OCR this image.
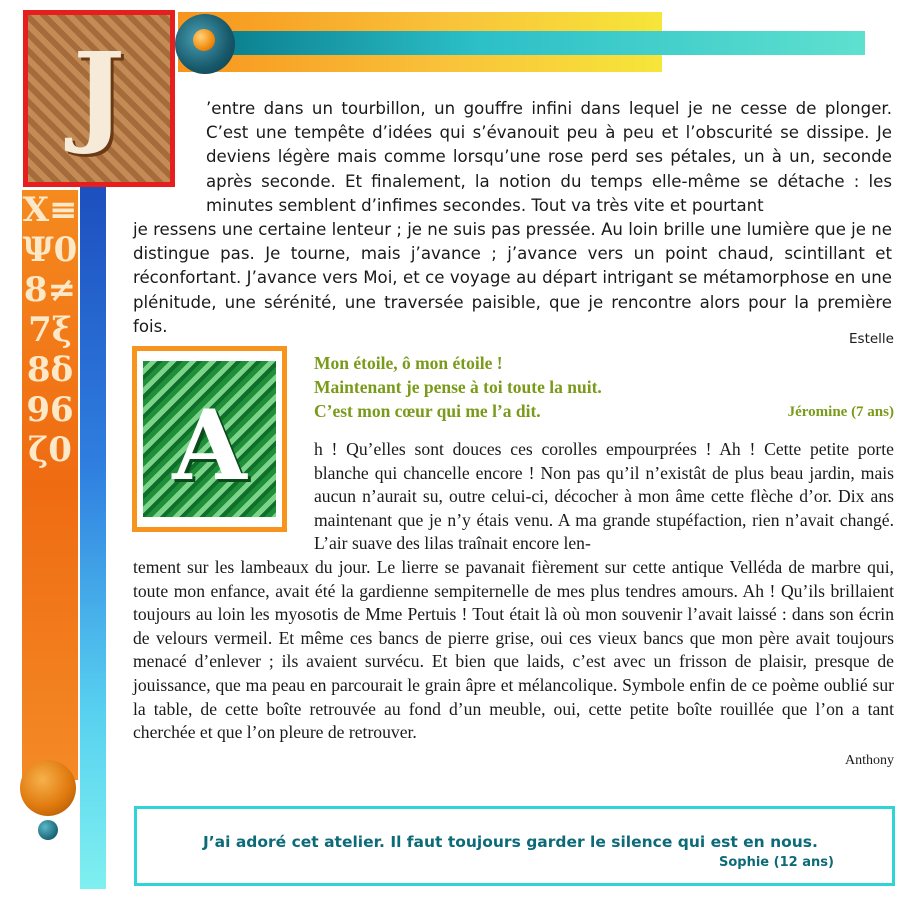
X≡Ψ08≠7ξ8δ96ζ0
J	’entre dans un tourbillon, un gouffre infini dans lequel je ne cesse de plonger. C’est une tempête d’idées qui s’évanouit peu à peu et l’obscurité se dissipe. Je deviens légère mais comme lorsqu’une rose perd ses pétales, un à un, seconde après seconde. Et finalement, la notion du temps elle-même se détache : les minutes semblent d’infimes secondes. Tout va très vite et pourtant

je ressens une certaine lenteur ; je ne suis pas pressée. Au loin brille une lumière que je ne distingue pas. Je tourne, mais j’avance ; j’avance vers un point chaud, scintillant et réconfortant. J’avance vers Moi, et ce voyage au départ intrigant se métamorphose en une plénitude, une sérénité, une traversée paisible, que je rencontre alors pour la première fois.

Estelle

A
Mon étoile, ô mon étoile !
Maintenant je pense à toi toute la nuit.
C’est mon cœur qui me l’a dit.	Jéromine (7 ans)

h ! Qu’elles sont douces ces corolles empourprées ! Ah ! Cette petite porte blanche qui chancelle encore ! Non pas qu’il n’existât de plus beau jardin, mais aucun n’aurait su, outre celui-ci, décocher à mon âme cette flèche d’or. Dix ans maintenant que je n’y étais venu. A ma grande stupéfaction, rien n’avait changé. L’air suave des lilas traînait encore len-

tement sur les lambeaux du jour. Le lierre se pavanait fièrement sur cette antique Velléda de marbre qui, toute mon enfance, avait été la gardienne sempiternelle de mes plus tendres amours. Ah ! Qu’ils brillaient toujours au loin les myosotis de Mme Pertuis ! Tout était là où mon souvenir l’avait laissé : dans son écrin de velours vermeil. Et même ces bancs de pierre grise, oui ces vieux bancs que mon père avait toujours menacé d’enlever ; ils avaient survécu. Et bien que laids, c’est avec un frisson de plaisir, presque de jouissance, que ma peau en parcourait le grain âpre et mélancolique. Symbole enfin de ce poème oublié sur la table, de cette boîte retrouvée au fond d’un meuble, oui, cette petite boîte rouillée que l’on a tant cherchée et que l’on pleure de retrouver.

Anthony

J’ai adoré cet atelier. Il faut toujours garder le silence qui est en nous.

Sophie (12 ans)
